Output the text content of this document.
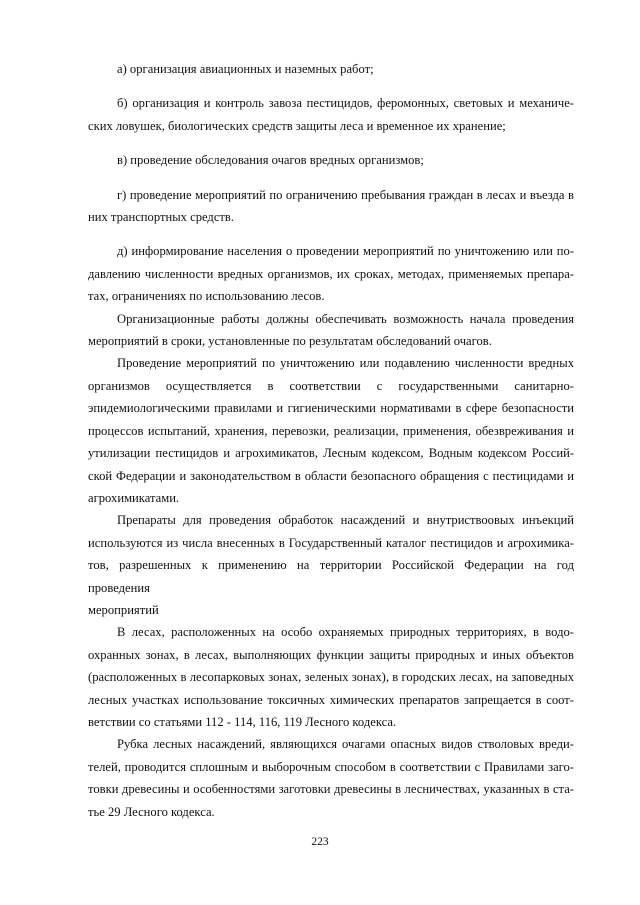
а) организация авиационных и наземных работ;

б) организация и контроль завоза пестицидов, феромонных, световых и механиче-
ских ловушек, биологических средств защиты леса и временное их хранение;

в) проведение обследования очагов вредных организмов;

г) проведение мероприятий по ограничению пребывания граждан в лесах и въезда в
них транспортных средств.

д) информирование населения о проведении мероприятий по уничтожению или по-
давлению численности вредных организмов, их сроках, методах, применяемых препара-
тах, ограничениях по использованию лесов.

Организационные работы должны обеспечивать возможность начала проведения
мероприятий в сроки, установленные по результатам обследований очагов.

Проведение мероприятий по уничтожению или подавлению численности вредных
организмов осуществляется в соответствии с государственными санитарно-
эпидемиологическими правилами и гигиеническими нормативами в сфере безопасности
процессов испытаний, хранения, перевозки, реализации, применения, обезвреживания и
утилизации пестицидов и агрохимикатов, Лесным кодексом, Водным кодексом Россий-
ской Федерации и законодательством в области безопасного обращения с пестицидами и
агрохимикатами.

Препараты для проведения обработок насаждений и внутриствоовых инъекций
используются из числа внесенных в Государственный каталог пестицидов и агрохимика-
тов, разрешенных к применению на территории Российской Федерации на год проведения
мероприятий

В лесах, расположенных на особо охраняемых природных территориях, в водо-
охранных зонах, в лесах, выполняющих функции защиты природных и иных объектов
(расположенных в лесопарковых зонах, зеленых зонах), в городских лесах, на заповедных
лесных участках использование токсичных химических препаратов запрещается в соот-
ветствии со статьями 112 - 114, 116, 119 Лесного кодекса.

Рубка лесных насаждений, являющихся очагами опасных видов стволовых вреди-
телей, проводится сплошным и выборочным способом в соответствии с Правилами заго-
товки древесины и особенностями заготовки древесины в лесничествах, указанных в ста-
тье 29 Лесного кодекса.

223
